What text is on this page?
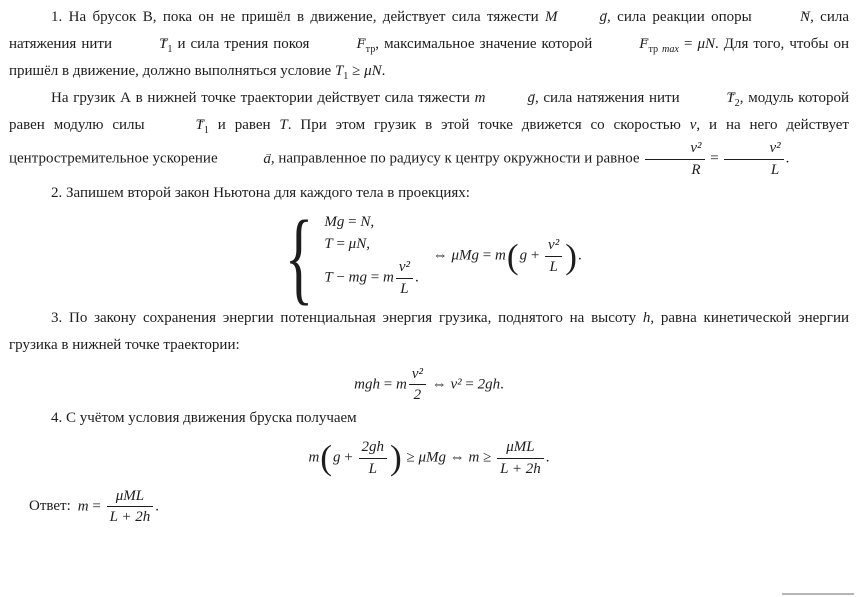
1. На брусок В, пока он не пришёл в движение, действует сила тяжести M	→ g, сила реакции опоры	→ N, сила натяжения нити	→ $T_1$ и сила трения покоя	→ $F_{тр}$, максимальное значение которой	→ $F_{тр}$ $_{max}$ = μN. Для того, чтобы он пришёл в движение, должно выполняться условие $T_1 \ge \mu N$.

На грузик А в нижней точке траектории действует сила тяжести m	→ g, сила натяжения нити	→ $T_2$, модуль которой равен модулю силы	→ $T_1$ и равен T. При этом грузик в этой точке движется со скоростью v, и на него действует центростремительное ускорение	→ a, направленное по радиусу к центру окружности и равное $\frac{\text{v²}}{R} = \frac{\text{v²}}{L}$ .

2. Запишем второй закон Ньютона для каждого тела в проекциях:

{ Mg = N,
T = μN,
T − mg = m $\frac{\text{v²}}{L}$ .
⇔ $\mu Mg = m(g + \frac{\text{v²}}{L}$ ).

3. По закону сохранения энергии потенциальная энергия грузика, поднятого на высоту h, равна кинетической энергии грузика в нижней точке траектории:

mgh = m $\frac{\text{v²}}{2}$ ⇔ v² = 2gh.

4. С учётом условия движения бруска получаем

$m(g + \frac{2gh}{L}$ ) ≥ μMg ⇔ $m \ge \frac{\text{μML}}{L + 2h}$ .
Ответ: $m = \frac{\text{μML}}{L + 2h}$ .
